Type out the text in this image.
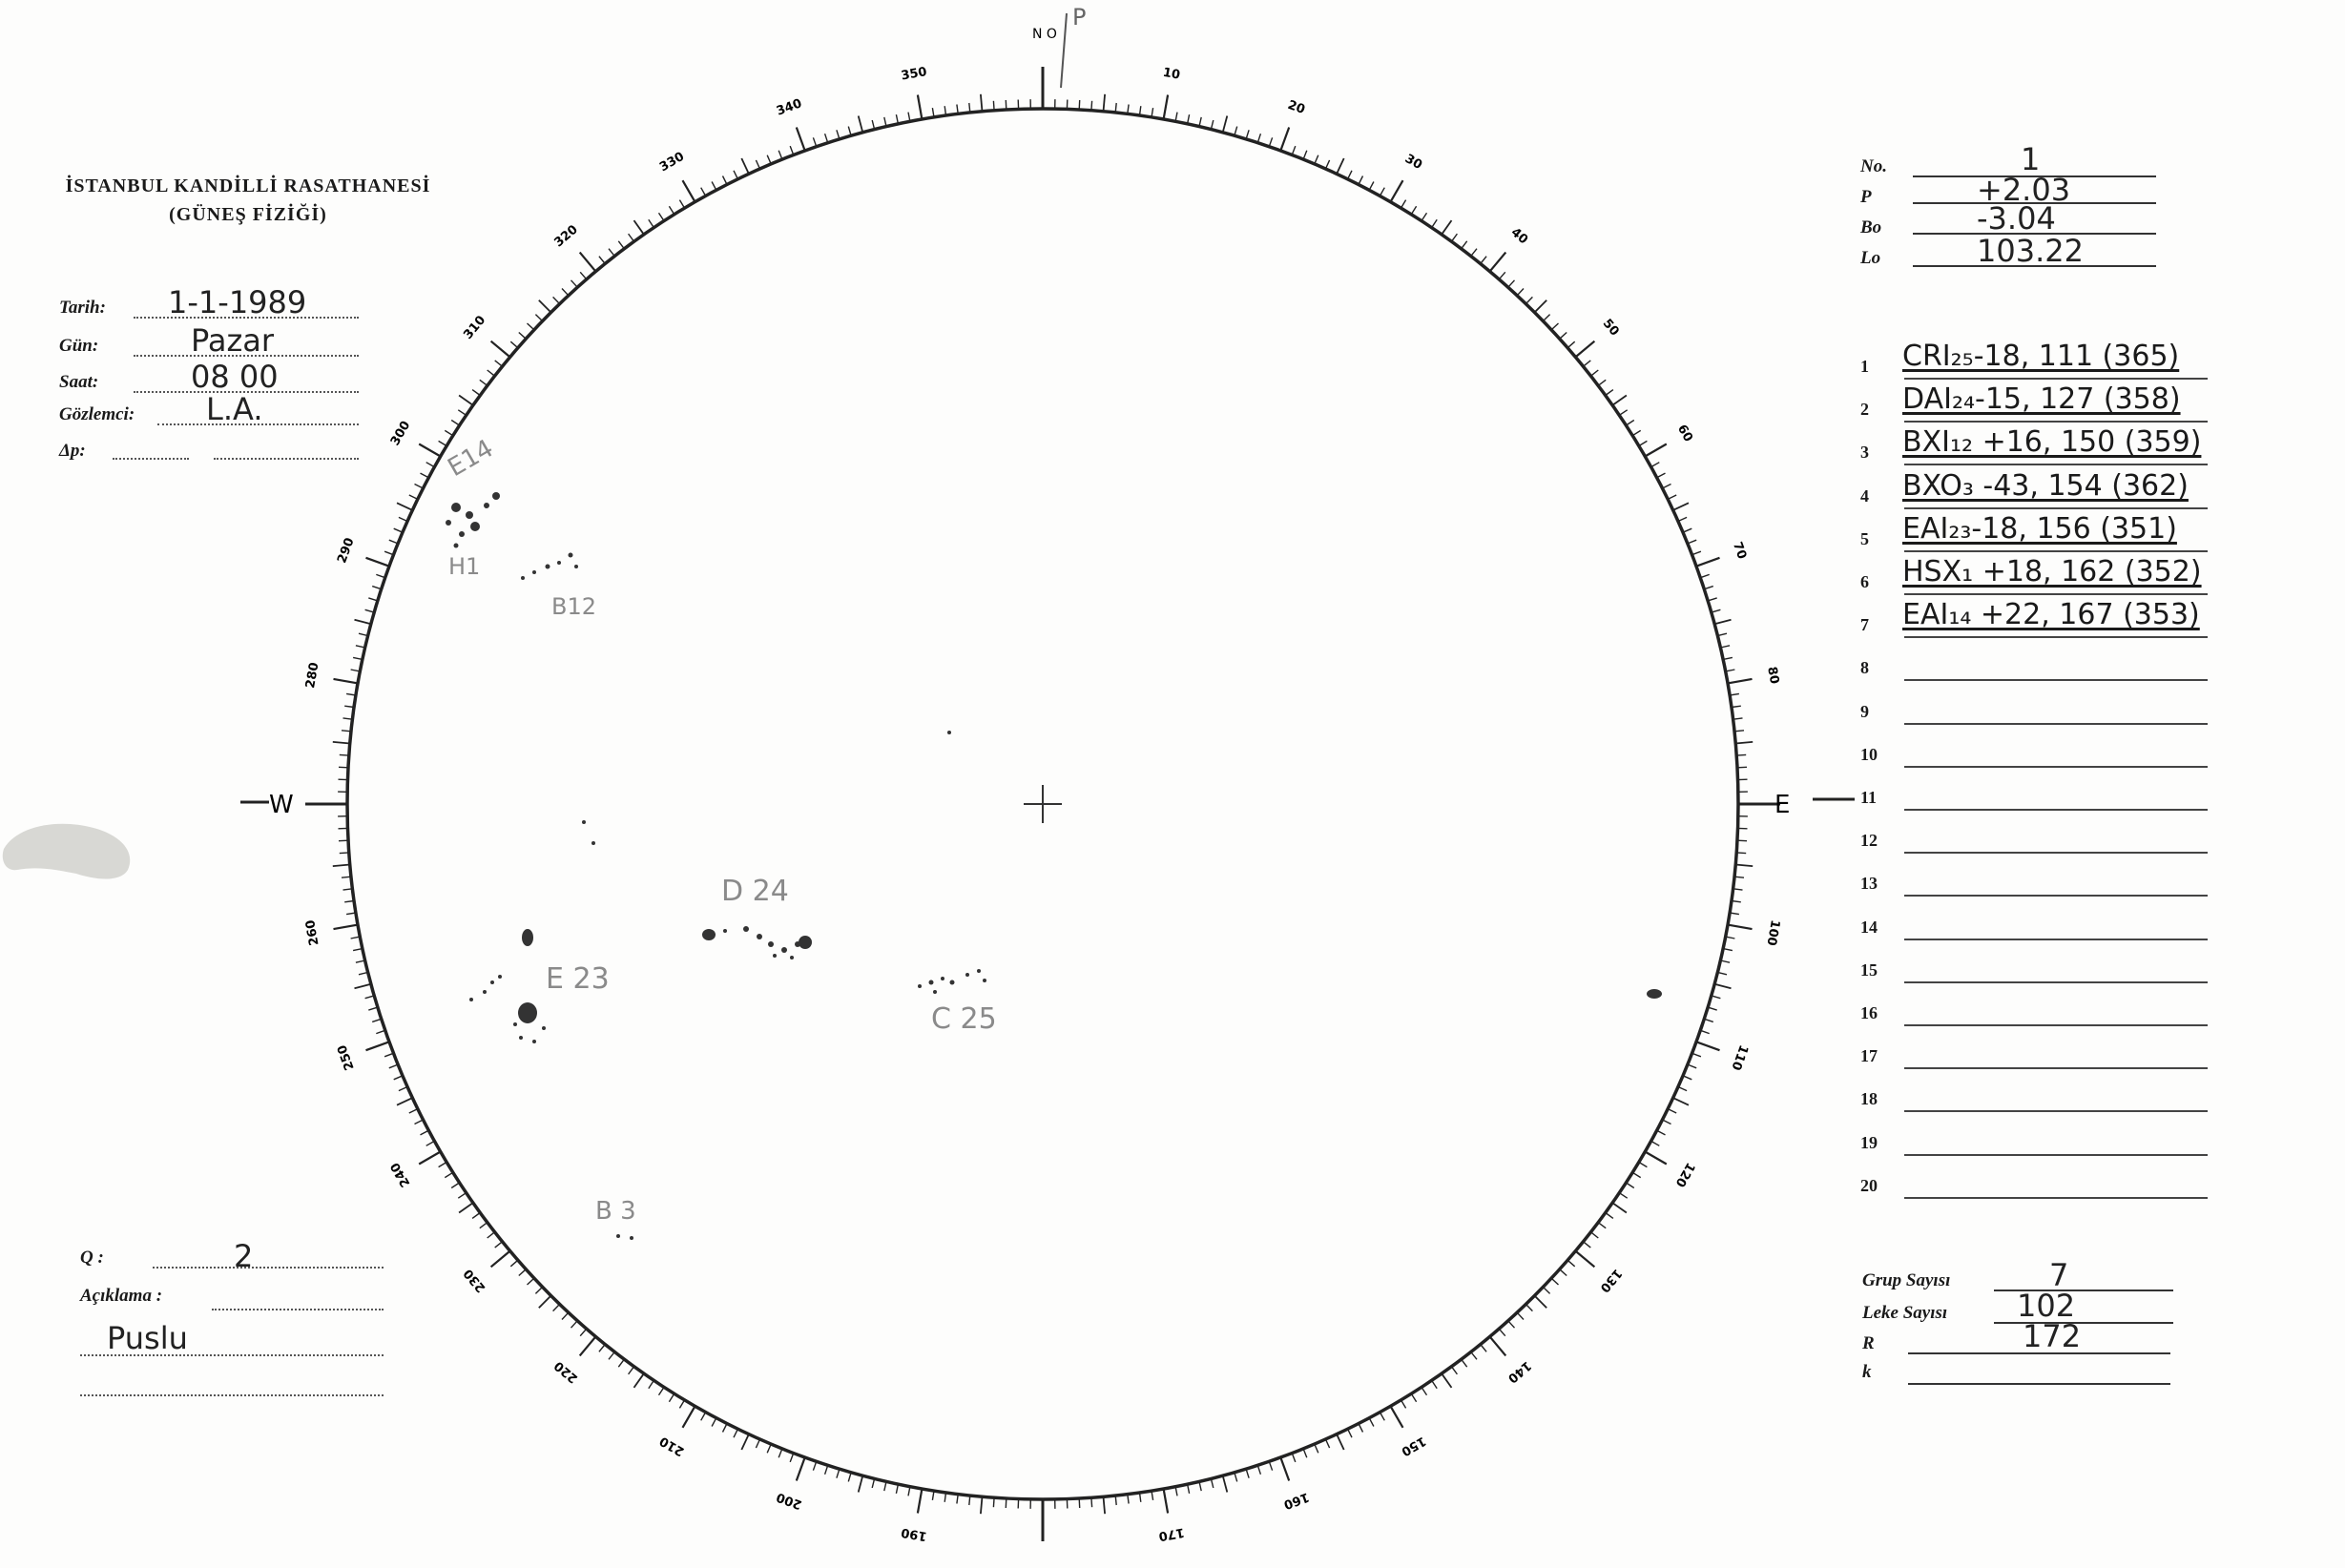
İSTANBUL KANDİLLİ RASATHANESİ
(GÜNEŞ FİZİĞİ)
Tarih: 1-1-1989
Gün:	Pazar
Saat:	08 00
Gözlemci: L.A.
Δp:
No.	1
P	+2.03
Bo	-3.04
Lo	103.22
1 CRI₂₅-18, 111 (365)
2 DAI₂₄-15, 127 (358)
3 BXI₁₂ +16, 150 (359)
4 BXO₃ -43, 154 (362)
5 EAI₂₃-18, 156 (351)
6 HSX₁ +18, 162 (352)
7 EAI₁₄ +22, 167 (353)
8
9
10
11
12
13
14
15
16
17
18
19
20
Grup Sayısı	7
Leke Sayısı 102
R	172
k
Q :	2
Açıklama :
Puslu
10
20
30
40
50
60
70
80
100
110
120
130
140
150
160
170
190
200
210
220
230
240
250
260
280
290
300
310
320
330
340
350
W	E
N O
P
E14
H1
B12
D 24
E 23
C 25
B 3
